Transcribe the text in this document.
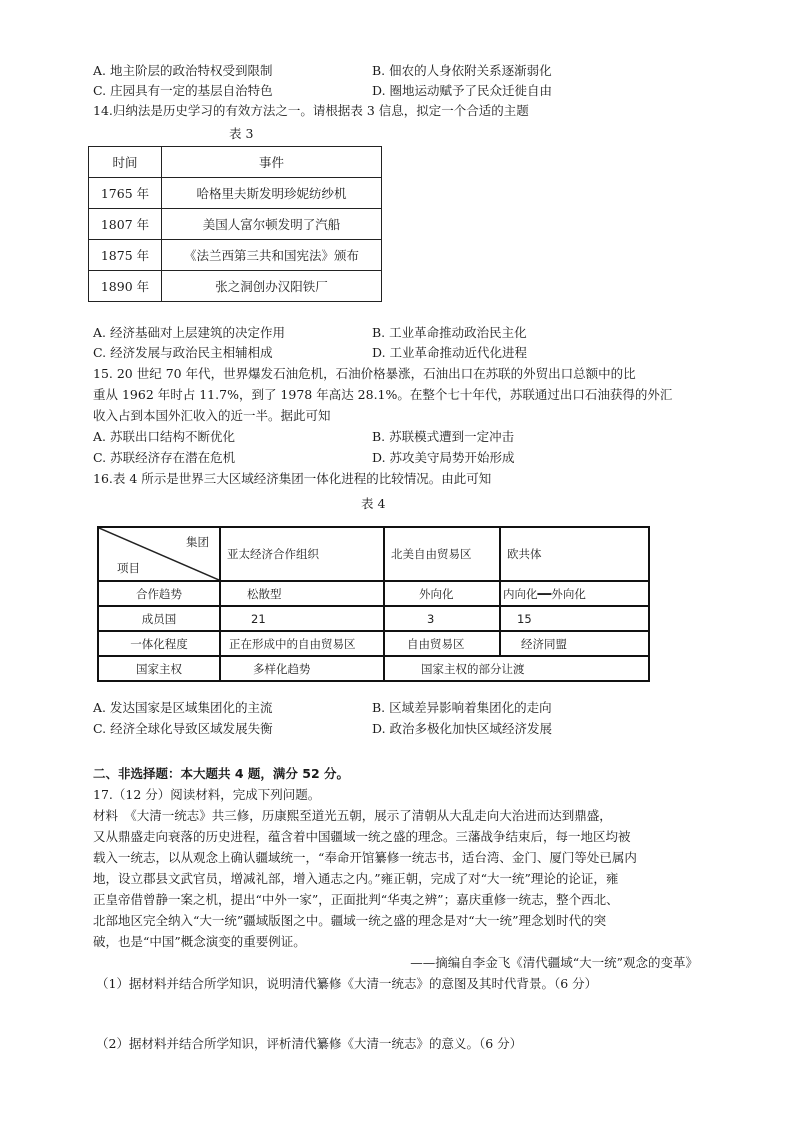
A. 地主阶层的政治特权受到限制	B. 佃农的人身依附关系逐渐弱化
C. 庄园具有一定的基层自治特色	D. 圈地运动赋予了民众迁徙自由
14.归纳法是历史学习的有效方法之一。请根据表 3 信息，拟定一个合适的主题
表 3
时间	事件
1765 年	哈格里夫斯发明珍妮纺纱机
1807 年	美国人富尔顿发明了汽船
1875 年	《法兰西第三共和国宪法》颁布
1890 年	张之洞创办汉阳铁厂
A. 经济基础对上层建筑的决定作用	B. 工业革命推动政治民主化
C. 经济发展与政治民主相辅相成	D. 工业革命推动近代化进程
15. 20 世纪 70 年代，世界爆发石油危机，石油价格暴涨，石油出口在苏联的外贸出口总额中的比
重从 1962 年时占 11.7%，到了 1978 年高达 28.1%。在整个七十年代，苏联通过出口石油获得的外汇
收入占到本国外汇收入的近一半。据此可知
A. 苏联出口结构不断优化	B. 苏联模式遭到一定冲击
C. 苏联经济存在潜在危机	D. 苏攻美守局势开始形成
16.表 4 所示是世界三大区域经济集团一体化进程的比较情况。由此可知
表 4
集团
项目	亚太经济合作组织	北美自由贸易区	欧共体
合作趋势	松散型	外向化	内向化━━外向化
成员国	21	3	15
一体化程度	正在形成中的自由贸易区	自由贸易区	经济同盟
国家主权	多样化趋势	国家主权的部分让渡	
A. 发达国家是区域集团化的主流	B. 区域差异影响着集团化的走向
C. 经济全球化导致区域发展失衡	D. 政治多极化加快区域经济发展
二、非选择题：本大题共 4 题，满分 52 分。
17.（12 分）阅读材料，完成下列问题。
材料　《大清一统志》共三修，历康熙至道光五朝，展示了清朝从大乱走向大治进而达到鼎盛，
又从鼎盛走向衰落的历史进程，蕴含着中国疆域一统之盛的理念。三藩战争结束后，每一地区均被
载入一统志，以从观念上确认疆域统一，“奉命开馆纂修一统志书，适台湾、金门、厦门等处已属内
地，设立郡县文武官员，增减礼部，增入通志之内。”雍正朝，完成了对“大一统”理论的论证，雍
正皇帝借曾静一案之机，提出“中外一家”，正面批判“华夷之辨”；嘉庆重修一统志，整个西北、
北部地区完全纳入“大一统”疆域版图之中。疆域一统之盛的理念是对“大一统”理念划时代的突
破，也是“中国”概念演变的重要例证。
——摘编自李金飞《清代疆域“大一统”观念的变革》
（1）据材料并结合所学知识，说明清代纂修《大清一统志》的意图及其时代背景。（6 分）
（2）据材料并结合所学知识，评析清代纂修《大清一统志》的意义。（6 分）
